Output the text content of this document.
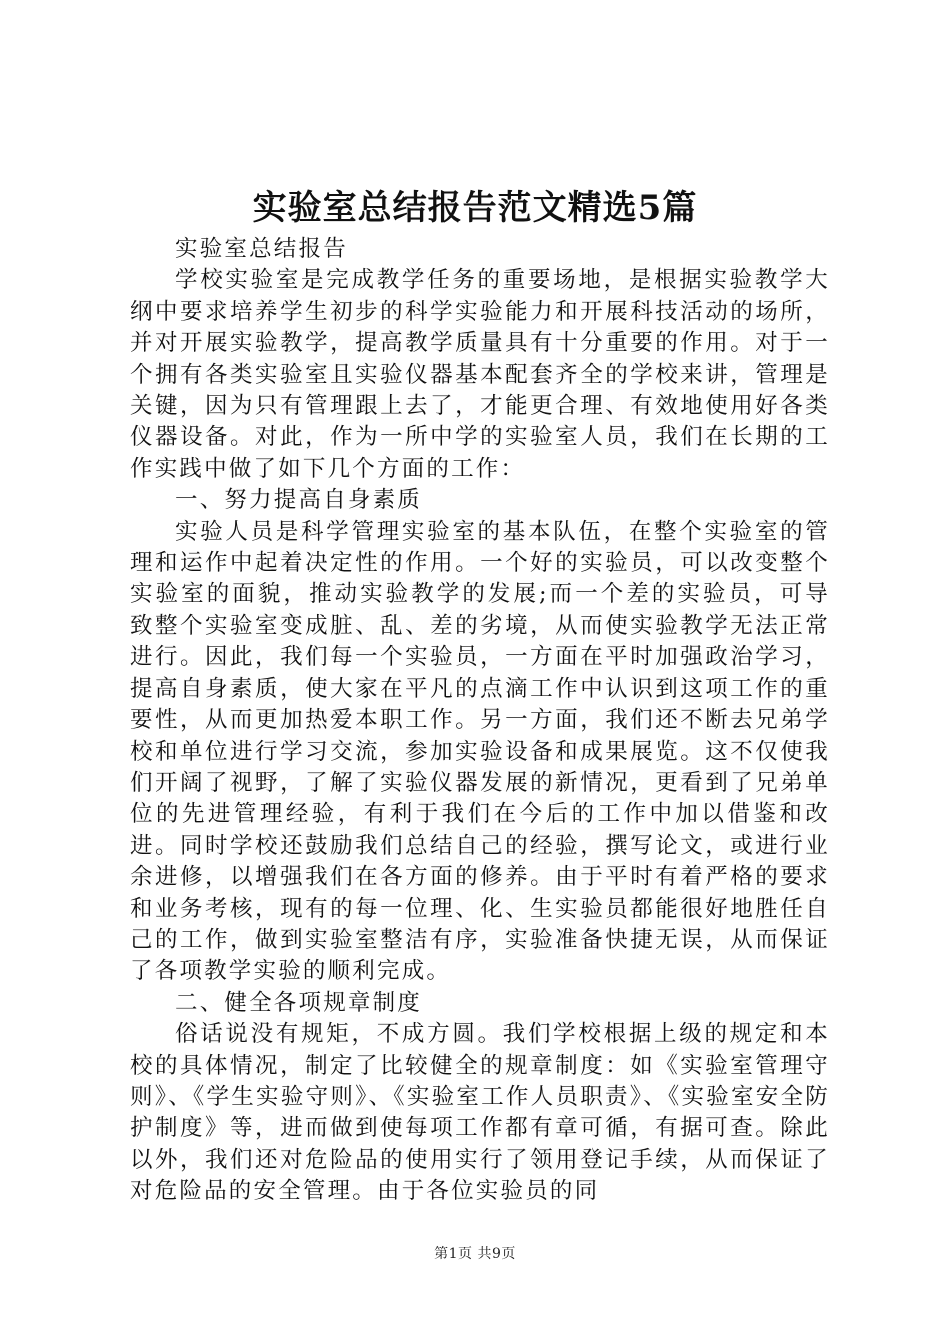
实验室总结报告范文精选5篇

实验室总结报告

学校实验室是完成教学任务的重要场地，是根据实验教学大纲中要求培养学生初步的科学实验能力和开展科技活动的场所，并对开展实验教学，提高教学质量具有十分重要的作用。对于一个拥有各类实验室且实验仪器基本配套齐全的学校来讲，管理是关键，因为只有管理跟上去了，才能更合理、有效地使用好各类仪器设备。对此，作为一所中学的实验室人员，我们在长期的工作实践中做了如下几个方面的工作：

一、努力提高自身素质

实验人员是科学管理实验室的基本队伍，在整个实验室的管理和运作中起着决定性的作用。一个好的实验员，可以改变整个实验室的面貌，推动实验教学的发展;而一个差的实验员，可导致整个实验室变成脏、乱、差的劣境，从而使实验教学无法正常进行。因此，我们每一个实验员，一方面在平时加强政治学习，提高自身素质，使大家在平凡的点滴工作中认识到这项工作的重要性，从而更加热爱本职工作。另一方面，我们还不断去兄弟学校和单位进行学习交流，参加实验设备和成果展览。这不仅使我们开阔了视野，了解了实验仪器发展的新情况，更看到了兄弟单位的先进管理经验，有利于我们在今后的工作中加以借鉴和改进。同时学校还鼓励我们总结自己的经验，撰写论文，或进行业余进修，以增强我们在各方面的修养。由于平时有着严格的要求和业务考核，现有的每一位理、化、生实验员都能很好地胜任自己的工作，做到实验室整洁有序，实验准备快捷无误，从而保证了各项教学实验的顺利完成。

二、健全各项规章制度

俗话说没有规矩，不成方圆。我们学校根据上级的规定和本校的具体情况，制定了比较健全的规章制度：如《实验室管理守则》、《学生实验守则》、《实验室工作人员职责》、《实验室安全防护制度》等，进而做到使每项工作都有章可循，有据可查。除此以外，我们还对危险品的使用实行了领用登记手续，从而保证了对危险品的安全管理。由于各位实验员的同

第1页 共9页
